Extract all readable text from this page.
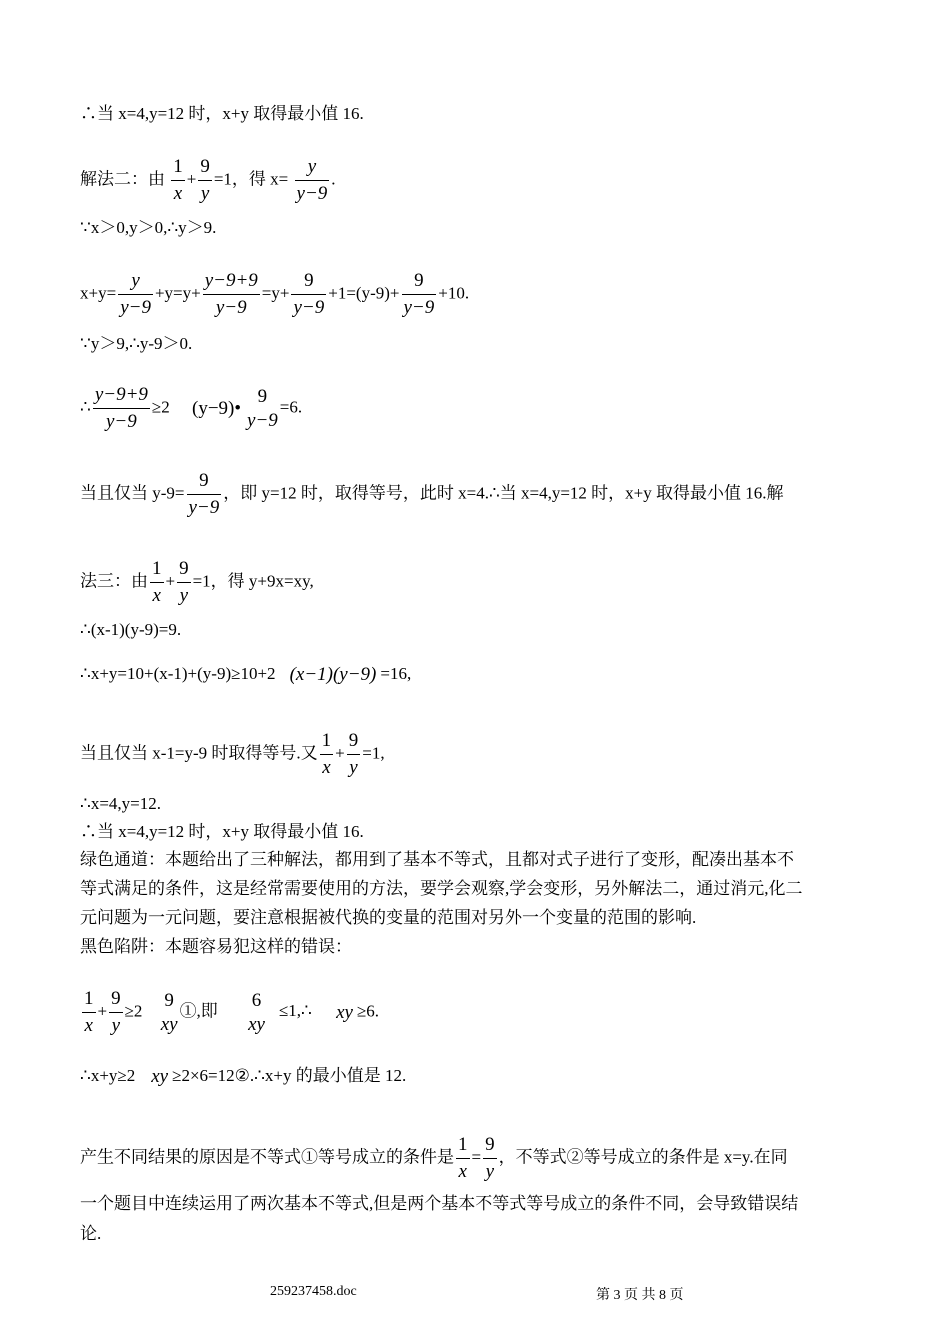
∴当 x=4,y=12 时，x+y 取得最小值 16.
解法二：由 $\frac{1}{x} + \frac{9}{y} =1$，得 $x= \frac{y}{y-9}$ .
∵x＞0,y＞0,∴y＞9.
$x+y= \frac{y}{y-9} +y=y+ \frac{y-9+9}{y-9} =y+ \frac{9}{y-9} +1=(y-9)+ \frac{9}{y-9} +10$.
∵y＞9,∴y-9＞0.
∴ $\frac{y-9+9}{y-9} \ge 2$ (y−9)•
9
y−9
=6.
当且仅当 $y-9= \frac{9}{y-9}$ ，即 y=12 时，取得等号，此时 x=4.∴当 x=4,y=12 时，x+y 取得最小值 16.解
法三：由 $\frac{1}{x} + \frac{9}{y} =1$，得 y+9x=xy,
∴(x-1)(y-9)=9.
∴x+y=10+(x-1)+(y-9)≥10+2 (x−1)(y−9) =16,
当且仅当 x-1=y-9 时取得等号.又 $\frac{1}{x} + \frac{9}{y} =1$,
∴x=4,y=12.
∴当 x=4,y=12 时，x+y 取得最小值 16.
绿色通道：本题给出了三种解法，都用到了基本不等式，且都对式子进行了变形，配凑出基本不
等式满足的条件，这是经常需要使用的方法，要学会观察,学会变形，另外解法二，通过消元,化二
元问题为一元问题，要注意根据被代换的变量的范围对另外一个变量的范围的影响.
黑色陷阱：本题容易犯这样的错误：
$\frac{1}{x} + \frac{9}{y} \ge 2$
9
xy
①,即
6
xy
≤1,∴ xy ≥6.
∴x+y≥2 xy ≥2×6=12②.∴x+y 的最小值是 12.
产生不同结果的原因是不等式①等号成立的条件是 $\frac{1}{x} = \frac{9}{y}$ ，不等式②等号成立的条件是 x=y.在同
一个题目中连续运用了两次基本不等式,但是两个基本不等式等号成立的条件不同，会导致错误结
论.
259237458.doc	第 3 页 共 8 页
